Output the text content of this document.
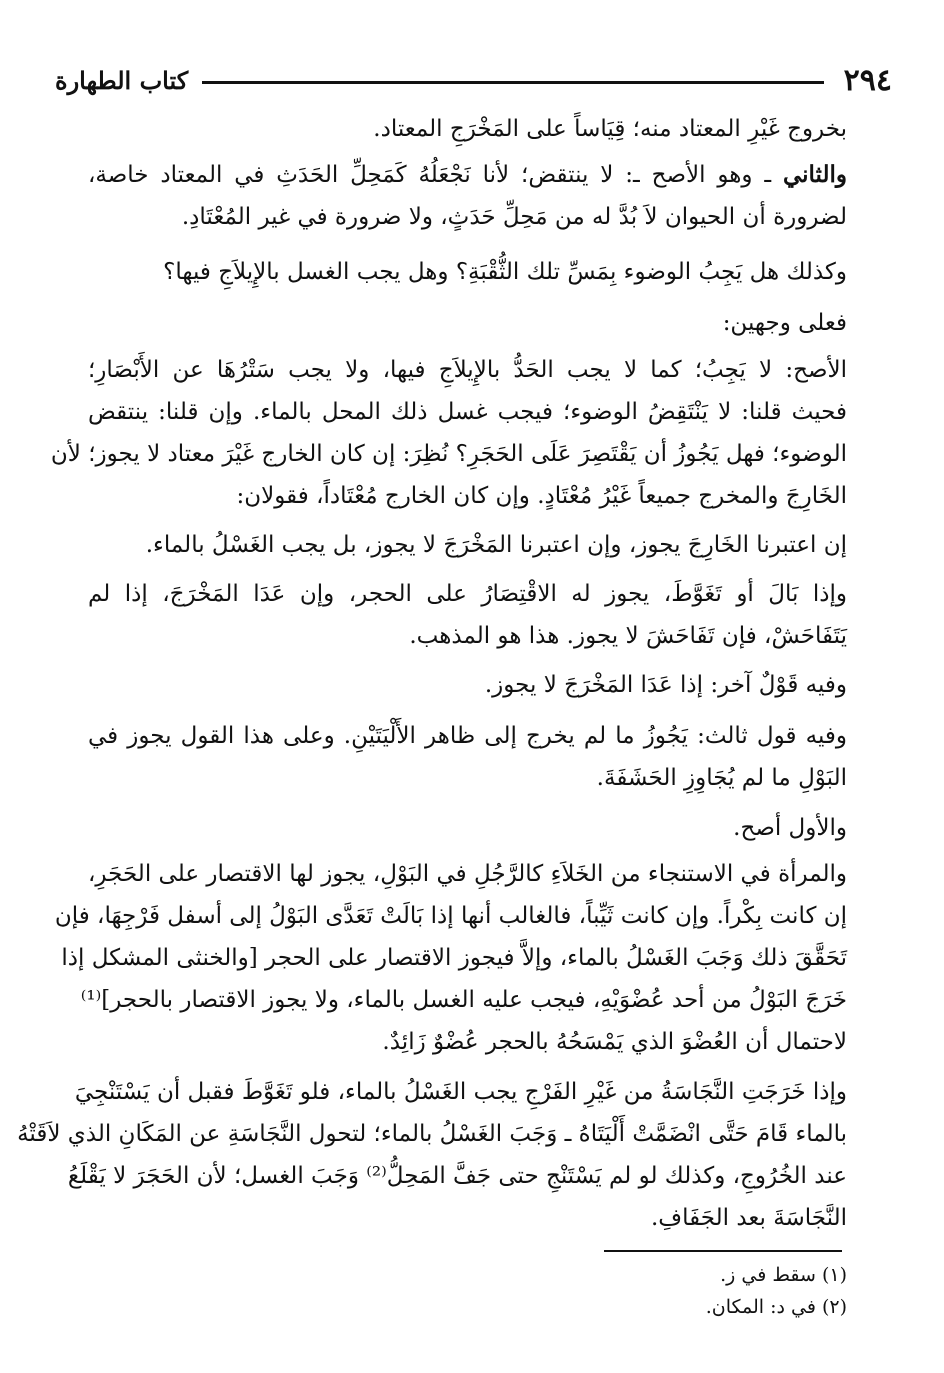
٢٩٤
كتاب الطهارة
بخروج غَيْرِ المعتاد منه؛ قِيَاساً على المَخْرَجِ المعتاد.
والثاني ـ وهو الأصح ـ: لا ينتقض؛ لأنا نَجْعَلُهُ كَمَحِلِّ الحَدَثِ في المعتاد خاصة،
لضرورة أن الحيوان لاَ بُدَّ له من مَحِلِّ حَدَثٍ، ولا ضرورة في غير المُعْتَادِ.
وكذلك هل يَجِبُ الوضوء بِمَسِّ تلك الثُّقْبَةِ؟ وهل يجب الغسل بالإِيلاَجِ فيها؟
فعلى وجهين:
الأصح: لا يَجِبُ؛ كما لا يجب الحَدُّ بالإِيلاَجِ فيها، ولا يجب سَتْرُهَا عن الأَبْصَارِ؛
فحيث قلنا: لا يَنْتَقِضُ الوضوء؛ فيجب غسل ذلك المحل بالماء. وإن قلنا: ينتقض
الوضوء؛ فهل يَجُوزُ أن يَقْتَصِرَ عَلَى الحَجَرِ؟ نُظِرَ: إن كان الخارج غَيْرَ معتاد لا يجوز؛ لأن
الخَارِجَ والمخرج جميعاً غَيْرُ مُعْتَادٍ. وإن كان الخارج مُعْتَاداً، فقولان:
إن اعتبرنا الخَارِجَ يجوز، وإن اعتبرنا المَخْرَجَ لا يجوز، بل يجب الغَسْلُ بالماء.
وإذا بَالَ أو تَغَوَّطَ، يجوز له الاقْتِصَارُ على الحجر، وإن عَدَا المَخْرَجَ، إذا لم
يَتَفَاحَشْ، فإن تَفَاحَشَ لا يجوز. هذا هو المذهب.
وفيه قَوْلٌ آخر: إذا عَدَا المَخْرَجَ لا يجوز.
وفيه قول ثالث: يَجُوزُ ما لم يخرج إلى ظاهر الأَلْيَتَيْنِ. وعلى هذا القول يجوز في
البَوْلِ ما لم يُجَاوِزِ الحَشَفَةَ.
والأول أصح.
والمرأة في الاستنجاء من الخَلاَءِ كالرَّجُلِ في البَوْلِ، يجوز لها الاقتصار على الحَجَرِ،
إن كانت بِكْراً. وإن كانت ثَيِّباً، فالغالب أنها إذا بَالَتْ تَعَدَّى البَوْلُ إلى أسفل فَرْجِهَا، فإن
تَحَقَّقَ ذلك وَجَبَ الغَسْلُ بالماء، وإلاَّ فيجوز الاقتصار على الحجر [والخنثى المشكل إذا
خَرَجَ البَوْلُ من أحد عُضْوَيْهِ، فيجب عليه الغسل بالماء، ولا يجوز الاقتصار بالحجر]⁽¹⁾
لاحتمال أن العُضْوَ الذي يَمْسَحُهُ بالحجر عُضْوٌ زَائِدٌ.
وإذا خَرَجَتِ النَّجَاسَةُ من غَيْرِ الفَرْجِ يجب الغَسْلُ بالماء، فلو تَغَوَّطَ فقبل أن يَسْتَنْجِيَ
بالماء قَامَ حَتَّى انْضَمَّتْ أَلْيَتَاهُ ـ وَجَبَ الغَسْلُ بالماء؛ لتحول النَّجَاسَةِ عن المَكَانِ الذي لاَقَتْهُ
عند الخُرُوجِ، وكذلك لو لم يَسْتَنْجِ حتى جَفَّ المَحِلُّ⁽²⁾ وَجَبَ الغسل؛ لأن الحَجَرَ لا يَقْلَعُ
النَّجَاسَةَ بعد الجَفَافِ.
(١) سقط في ز.
(٢) في د: المكان.
